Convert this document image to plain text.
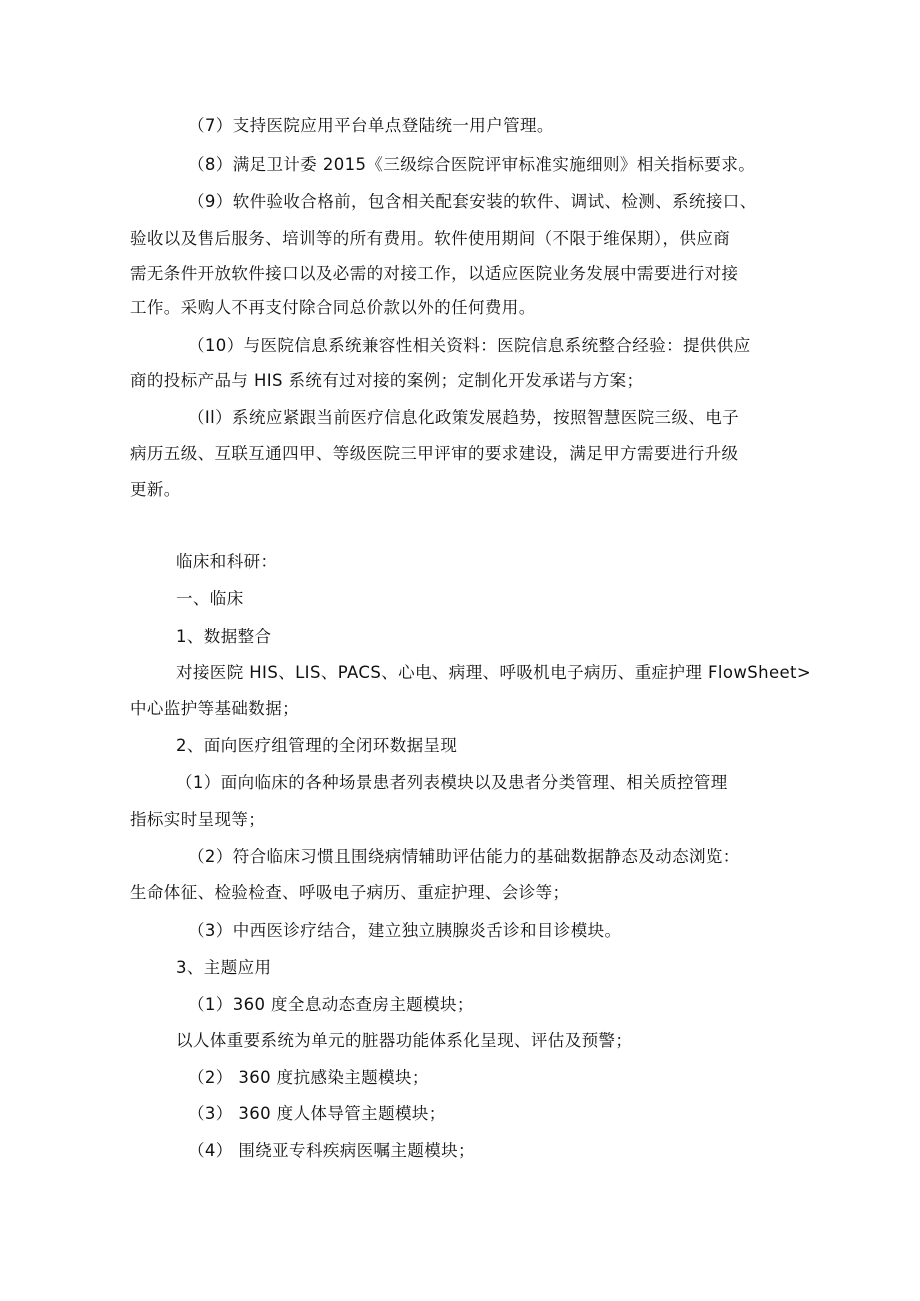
（7）支持医院应用平台单点登陆统一用户管理。
（8）满足卫计委 2015《三级综合医院评审标准实施细则》相关指标要求。
（9）软件验收合格前，包含相关配套安装的软件、调试、检测、系统接口、
验收以及售后服务、培训等的所有费用。软件使用期间（不限于维保期），供应商
需无条件开放软件接口以及必需的对接工作，以适应医院业务发展中需要进行对接
工作。采购人不再支付除合同总价款以外的任何费用。
（10）与医院信息系统兼容性相关资料：医院信息系统整合经验：提供供应
商的投标产品与 HIS 系统有过对接的案例；定制化开发承诺与方案；
（Il）系统应紧跟当前医疗信息化政策发展趋势，按照智慧医院三级、电子
病历五级、互联互通四甲、等级医院三甲评审的要求建设，满足甲方需要进行升级
更新。
临床和科研：
一、临床
1、数据整合
对接医院 HIS、LIS、PACS、心电、病理、呼吸机电子病历、重症护理 FlowSheet>
中心监护等基础数据；
2、面向医疗组管理的全闭环数据呈现
（1）面向临床的各种场景患者列表模块以及患者分类管理、相关质控管理
指标实时呈现等；
（2）符合临床习惯且围绕病情辅助评估能力的基础数据静态及动态浏览：
生命体征、检验检查、呼吸电子病历、重症护理、会诊等；
（3）中西医诊疗结合，建立独立胰腺炎舌诊和目诊模块。
3、主题应用
（1）360 度全息动态查房主题模块；
以人体重要系统为单元的脏器功能体系化呈现、评估及预警；
（2） 360 度抗感染主题模块；
（3） 360 度人体导管主题模块；
（4） 围绕亚专科疾病医嘱主题模块；
